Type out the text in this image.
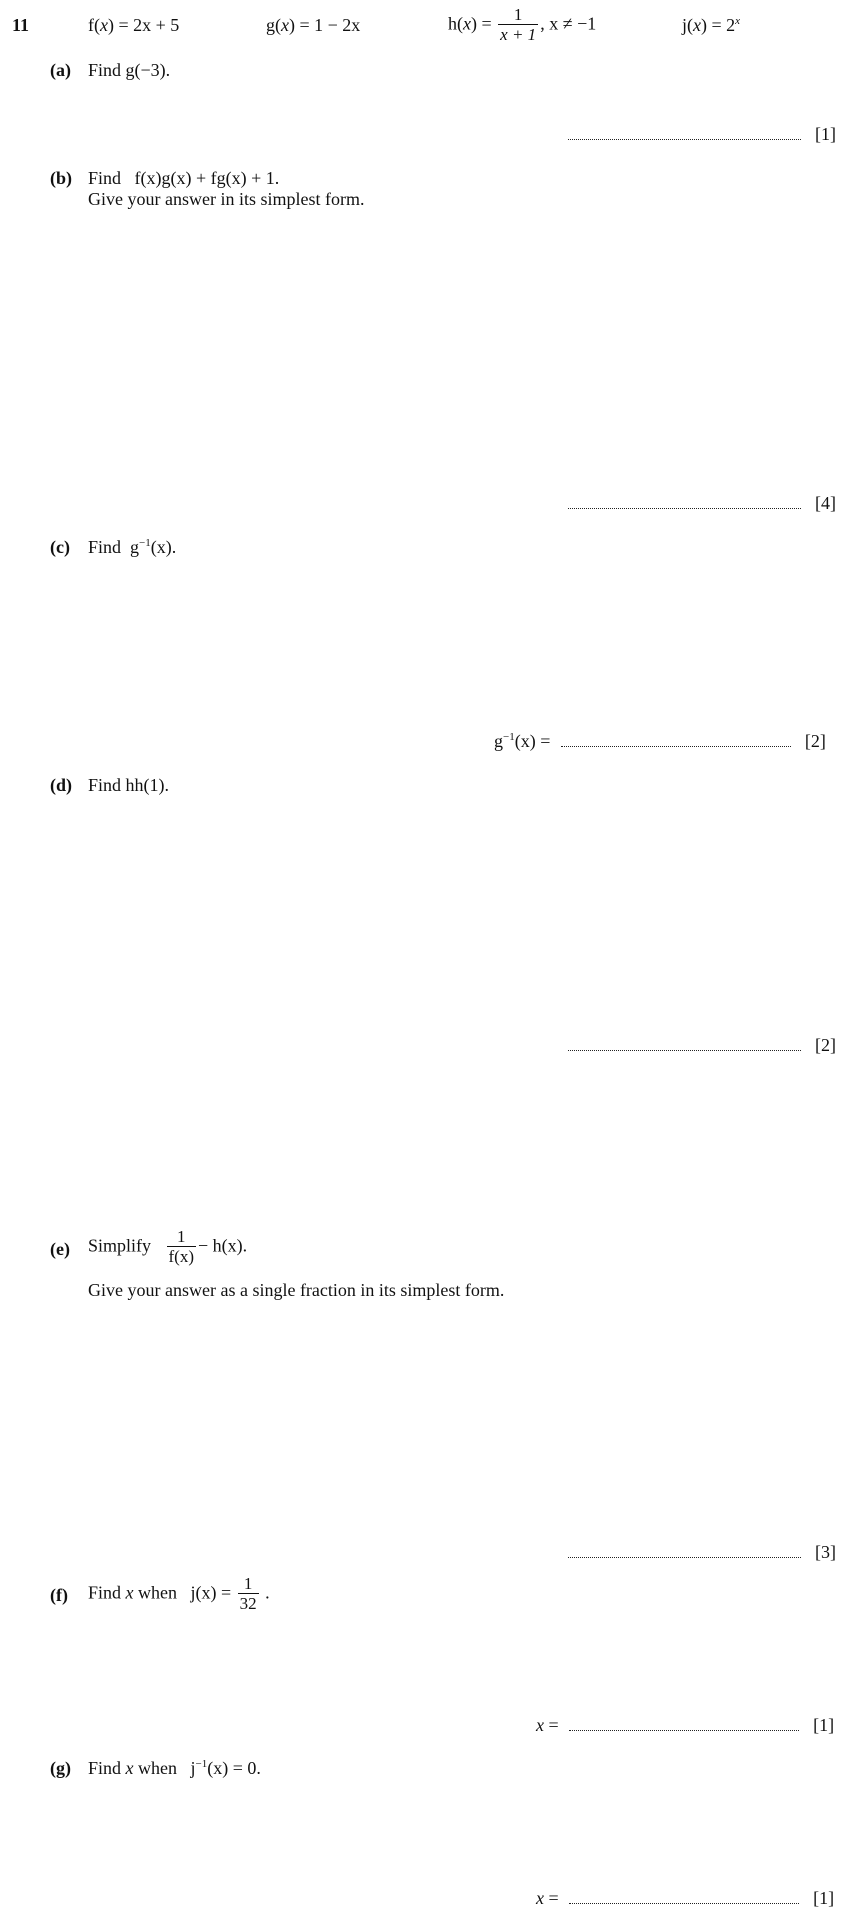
11	f(x) = 2x + 5	g(x) = 1 − 2x	$h(x) = \frac{1}{x + 1}$ , x ≠ −1	$j(x) = 2^x$
(a) Find g(−3).
[1]
(b) Find f(x)g(x) + fg(x) + 1.
Give your answer in its simplest form.
[4]
(c) Find $g^{-1}(x)$.
$g^{-1}(x)$ =	[2]
(d) Find hh(1).
[2]
(e) Simplify $\frac{1}{f(x)} - h(x)$.
Give your answer as a single fraction in its simplest form.
[3]
(f) Find x when $j(x) = \frac{1}{32}$ .
x =	[1]
(g) Find x when $j^{-1}(x) = 0$.
x =	[1]
